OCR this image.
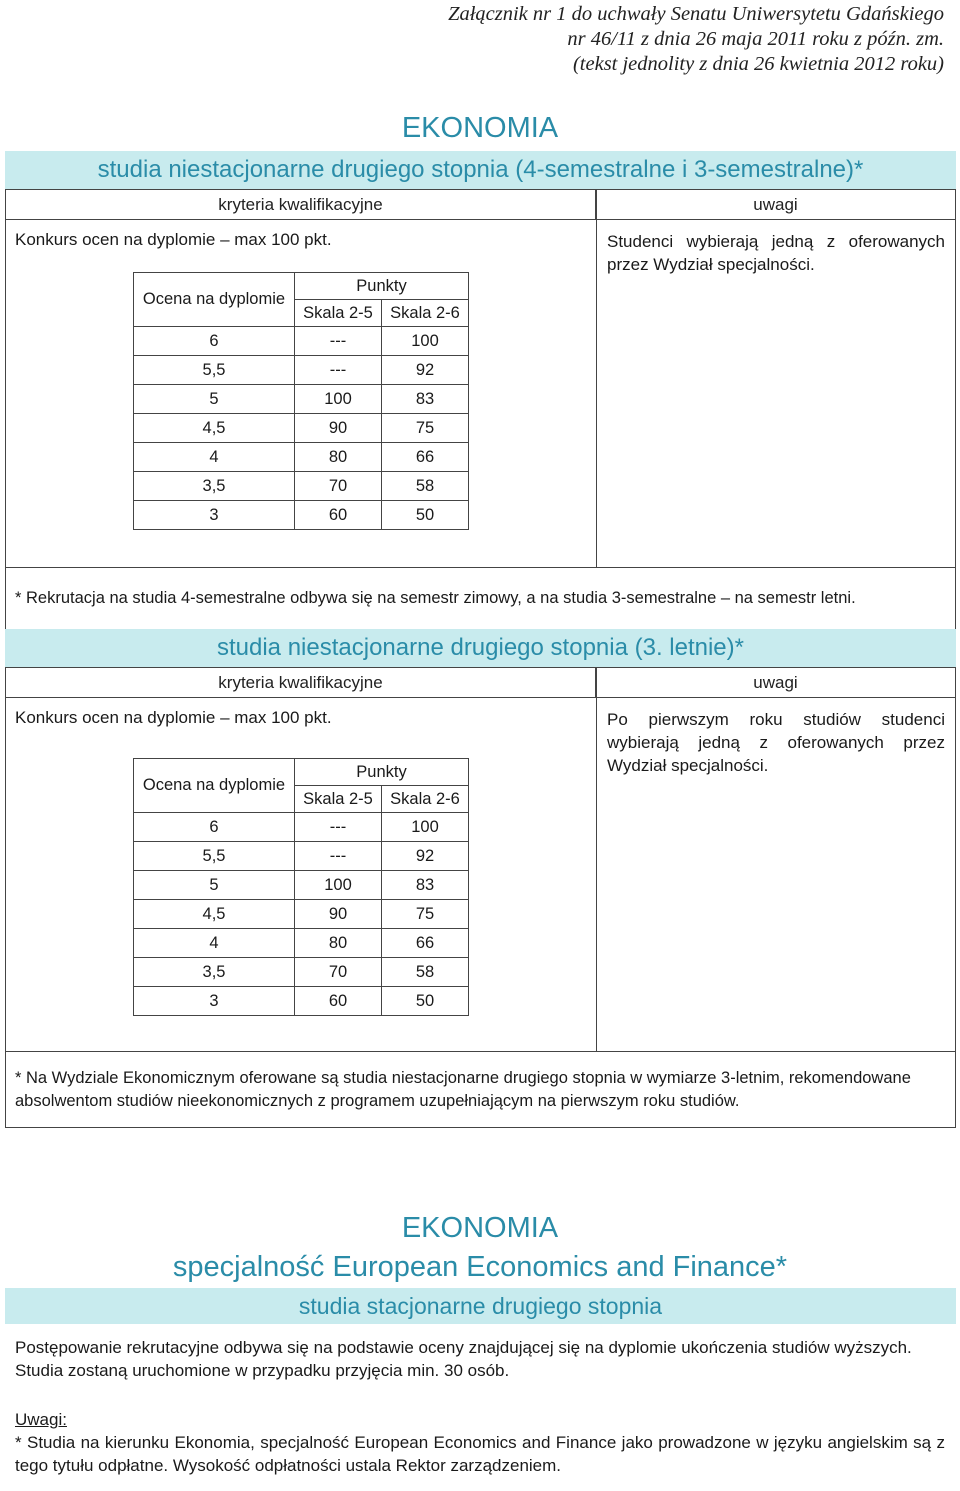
Załącznik nr 1 do uchwały Senatu Uniwersytetu Gdańskiego
nr 46/11 z dnia 26 maja 2011 roku z późn. zm.
(tekst jednolity z dnia 26 kwietnia 2012 roku)
EKONOMIA
studia niestacjonarne drugiego stopnia (4-semestralne i 3-semestralne)*
kryteria kwalifikacyjne	uwagi
Konkurs ocen na dyplomie – max 100 pkt.	Studenci wybierają jedną z oferowanych przez Wydział specjalności.
Ocena na dyplomie	Punkty	
	Skala 2-5	Skala 2-6
6	---	100
5,5	---	92
5	100	83
4,5	90	75
4	80	66
3,5	70	58
3	60	50
* Rekrutacja na studia 4-semestralne odbywa się na semestr zimowy, a na studia 3-semestralne – na semestr letni.
studia niestacjonarne drugiego stopnia (3. letnie)*
kryteria kwalifikacyjne	uwagi
Konkurs ocen na dyplomie – max 100 pkt.	Po pierwszym roku studiów studenci wybierają jedną z oferowanych przez Wydział specjalności.
Ocena na dyplomie	Punkty	
	Skala 2-5	Skala 2-6
6	---	100
5,5	---	92
5	100	83
4,5	90	75
4	80	66
3,5	70	58
3	60	50
* Na Wydziale Ekonomicznym oferowane są studia niestacjonarne drugiego stopnia w wymiarze 3-letnim, rekomendowane absolwentom studiów nieekonomicznych z programem uzupełniającym na pierwszym roku studiów.
EKONOMIA
specjalność European Economics and Finance*
studia stacjonarne drugiego stopnia
Postępowanie rekrutacyjne odbywa się na podstawie oceny znajdującej się na dyplomie ukończenia studiów wyższych. Studia zostaną uruchomione w przypadku przyjęcia min. 30 osób.
Uwagi:
* Studia na kierunku Ekonomia, specjalność European Economics and Finance jako prowadzone w języku angielskim są z tego tytułu odpłatne. Wysokość odpłatności ustala Rektor zarządzeniem.
